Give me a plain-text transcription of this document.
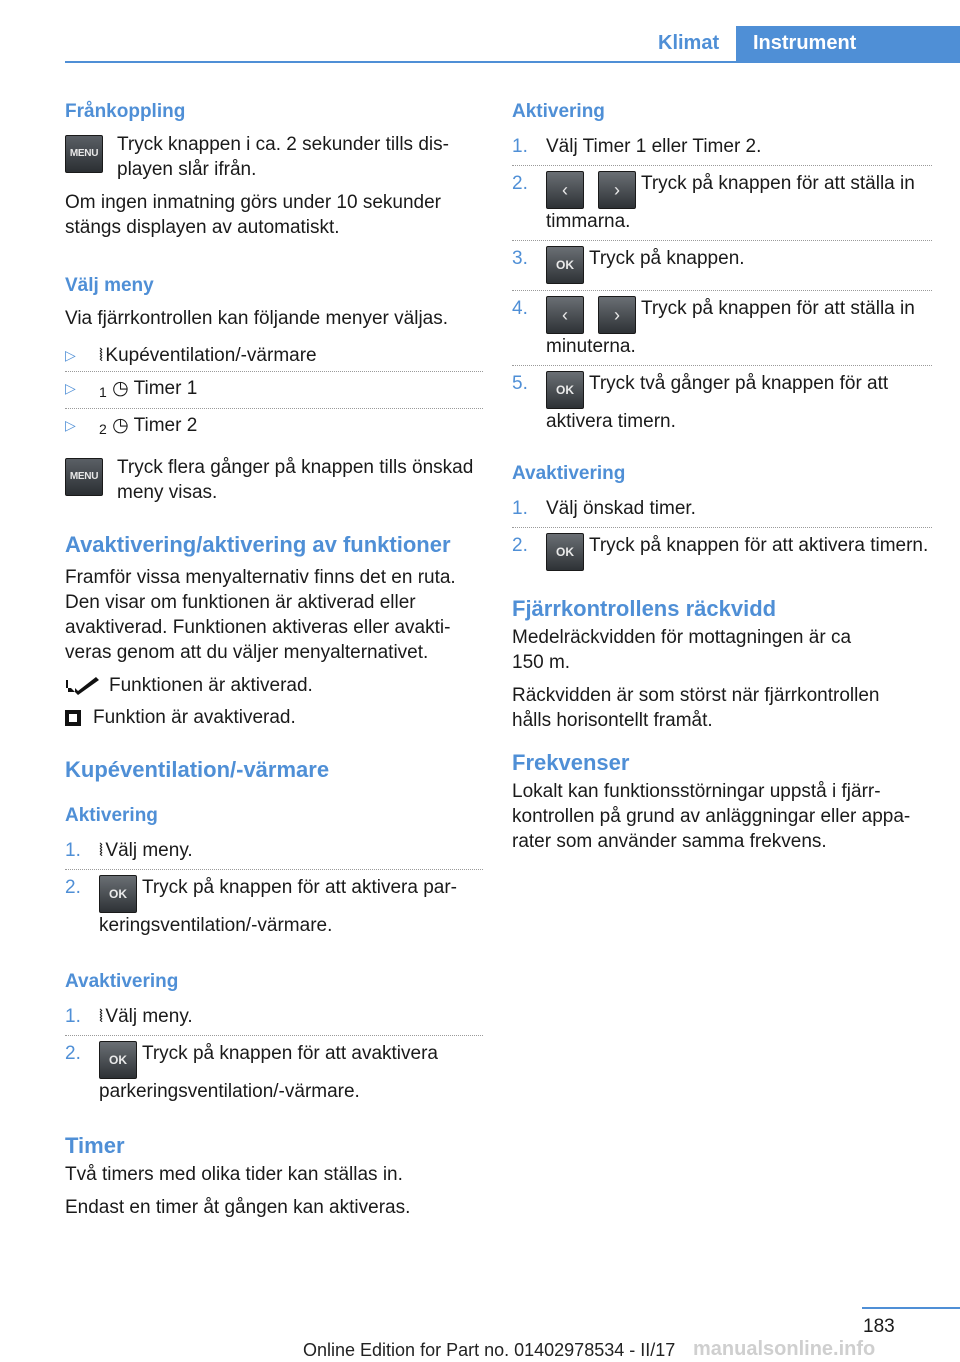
Klimat	Instrument
Frånkoppling
MENU Tryck knappen i ca. 2 sekunder tills displayen slår ifrån.

Om ingen inmatning görs under 10 sekunder stängs displayen av automatiskt.

Välj meny

Via fjärrkontrollen kan följande menyer väljas.

▷ ⦚⦚ Kupéventilation/-värmare
▷ 1 ◷ Timer 1
▷ 2 ◷ Timer 2
MENU Tryck flera gånger på knappen tills önskad meny visas.
Avaktivering/aktivering av funktioner

Framför vissa menyalternativ finns det en ruta. Den visar om funktionen är aktiverad eller avaktiverad. Funktionen aktiveras eller avaktiveras genom att du väljer menyalternativet.

Funktionen är aktiverad.
Funktion är avaktiverad.
Kupéventilation/-värmare
Aktivering
1. ⦚⦚ Välj meny.
2. OK Tryck på knappen för att aktivera parkeringsventilation/-värmare.
Avaktivering
1. ⦚⦚ Välj meny.
2. OK Tryck på knappen för att avaktivera parkeringsventilation/-värmare.
Timer

Två timers med olika tider kan ställas in.

Endast en timer åt gången kan aktiveras.

Aktivering
1. Välj Timer 1 eller Timer 2.
2. ‹	› Tryck på knappen för att ställa in timmarna.
3. OK Tryck på knappen.
4. ‹	› Tryck på knappen för att ställa in minuterna.
5. OK Tryck två gånger på knappen för att aktivera timern.
Avaktivering
1. Välj önskad timer.
2. OK Tryck på knappen för att aktivera timern.
Fjärrkontrollens räckvidd

Medelräckvidden för mottagningen är ca 150 m.

Räckvidden är som störst när fjärrkontrollen hålls horisontellt framåt.

Frekvenser

Lokalt kan funktionsstörningar uppstå i fjärrkontrollen på grund av anläggningar eller apparater som använder samma frekvens.

183
Online Edition for Part no. 01402978534 - II/17 manualsonline.info
